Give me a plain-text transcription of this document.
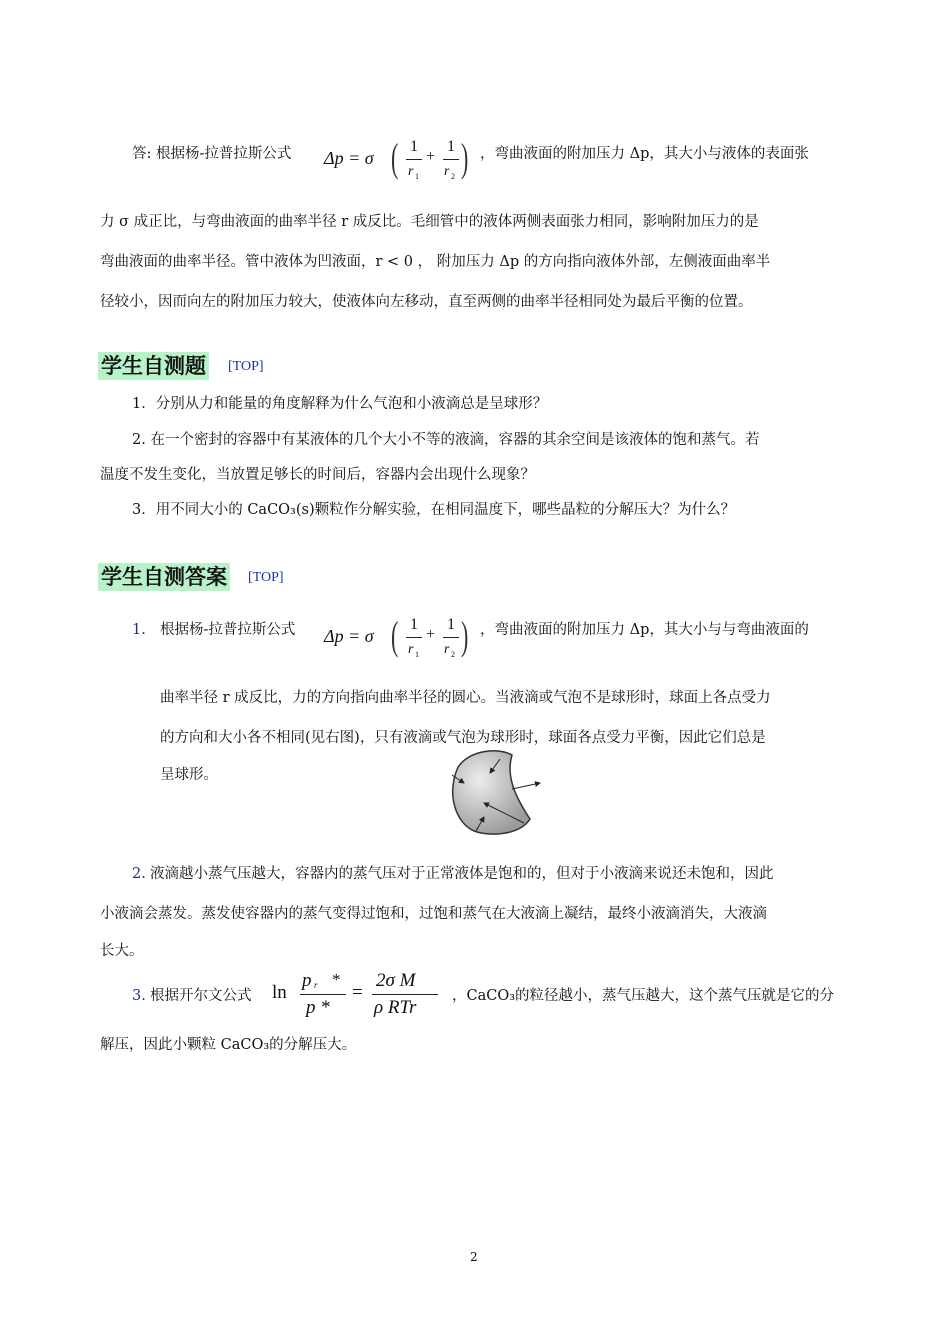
答: 根据杨-拉普拉斯公式 Δp = σ ( 1
r 1
+
1
r 2 ) ，弯曲液面的附加压力 Δp，其大小与液体的表面张
力 σ 成正比，与弯曲液面的曲率半径 r 成反比。毛细管中的液体两侧表面张力相同，影响附加压力的是
弯曲液面的曲率半径。管中液体为凹液面，r < 0 ， 附加压力 Δp 的方向指向液体外部，左侧液面曲率半
径较小，因而向左的附加压力较大，使液体向左移动，直至两侧的曲率半径相同处为最后平衡的位置。
学生自测题 [TOP]
1．分别从力和能量的角度解释为什么气泡和小液滴总是呈球形？
2. 在一个密封的容器中有某液体的几个大小不等的液滴，容器的其余空间是该液体的饱和蒸气。若
温度不发生变化，当放置足够长的时间后，容器内会出现什么现象？
3．用不同大小的 CaCO₃(s)颗粒作分解实验，在相同温度下，哪些晶粒的分解压大？为什么？
学生自测答案 [TOP]
1. 根据杨-拉普拉斯公式 Δp = σ ( 1
r 1
+
1
r 2 ) ，弯曲液面的附加压力 Δp，其大小与与弯曲液面的
曲率半径 r 成反比，力的方向指向曲率半径的圆心。当液滴或气泡不是球形时，球面上各点受力
的方向和大小各不相同(见右图)，只有液滴或气泡为球形时，球面各点受力平衡，因此它们总是
呈球形。
2. 液滴越小蒸气压越大，容器内的蒸气压对于正常液体是饱和的，但对于小液滴来说还未饱和，因此
小液滴会蒸发。蒸发使容器内的蒸气变得过饱和，过饱和蒸气在大液滴上凝结，最终小液滴消失，大液滴
长大。
3. 根据开尔文公式 ln
p r *
p *
=
2σ M
ρ RTr
，CaCO₃的粒径越小，蒸气压越大，这个蒸气压就是它的分
解压，因此小颗粒 CaCO₃的分解压大。
2
